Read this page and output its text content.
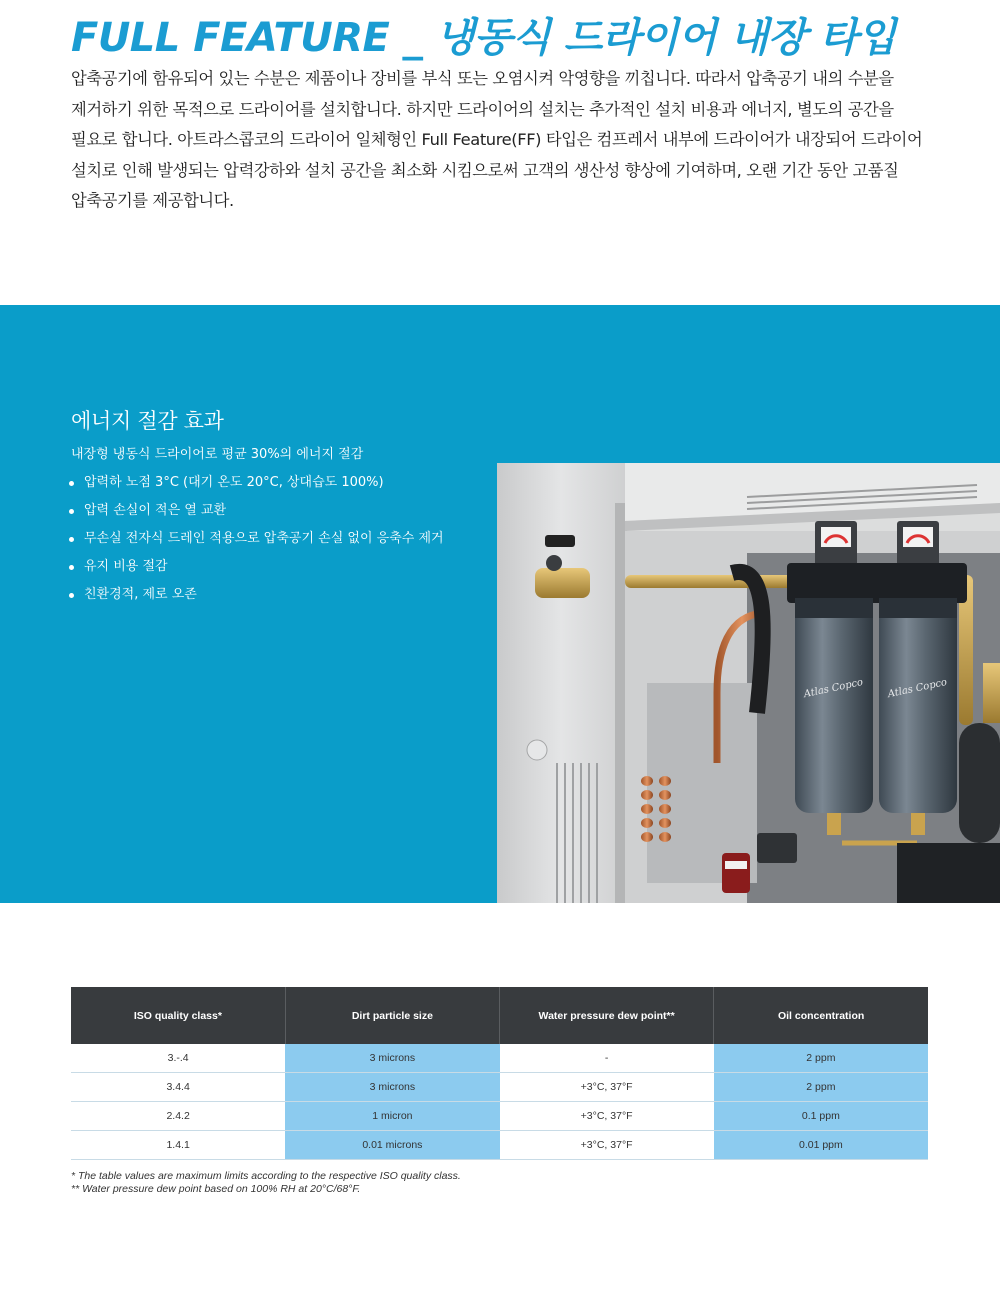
FULL FEATURE _ 냉동식 드라이어 내장 타입

압축공기에 함유되어 있는 수분은 제품이나 장비를 부식 또는 오염시켜 악영향을 끼칩니다. 따라서 압축공기 내의 수분을
제거하기 위한 목적으로 드라이어를 설치합니다. 하지만 드라이어의 설치는 추가적인 설치 비용과 에너지, 별도의 공간을
필요로 합니다. 아트라스콥코의 드라이어 일체형인 Full Feature(FF) 타입은 컴프레서 내부에 드라이어가 내장되어 드라이어
설치로 인해 발생되는 압력강하와 설치 공간을 최소화 시킴으로써 고객의 생산성 향상에 기여하며, 오랜 기간 동안 고품질
압축공기를 제공합니다.

에너지 절감 효과

내장형 냉동식 드라이어로 평균 30%의 에너지 절감

압력하 노점 3°C (대기 온도 20°C, 상대습도 100%)
압력 손실이 적은 열 교환
무손실 전자식 드레인 적용으로 압축공기 손실 없이 응축수 제거
유지 비용 절감
친환경적, 제로 오존
Atlas Copco Atlas Copco
ISO quality class*	Dirt particle size	Water pressure dew point**	Oil concentration
3.-.4	3 microns	-	2 ppm
3.4.4	3 microns	+3°C, 37°F	2 ppm
2.4.2	1 micron	+3°C, 37°F	0.1 ppm
1.4.1	0.01 microns	+3°C, 37°F	0.01 ppm

* The table values are maximum limits according to the respective ISO quality class.
** Water pressure dew point based on 100% RH at 20°C/68°F.
